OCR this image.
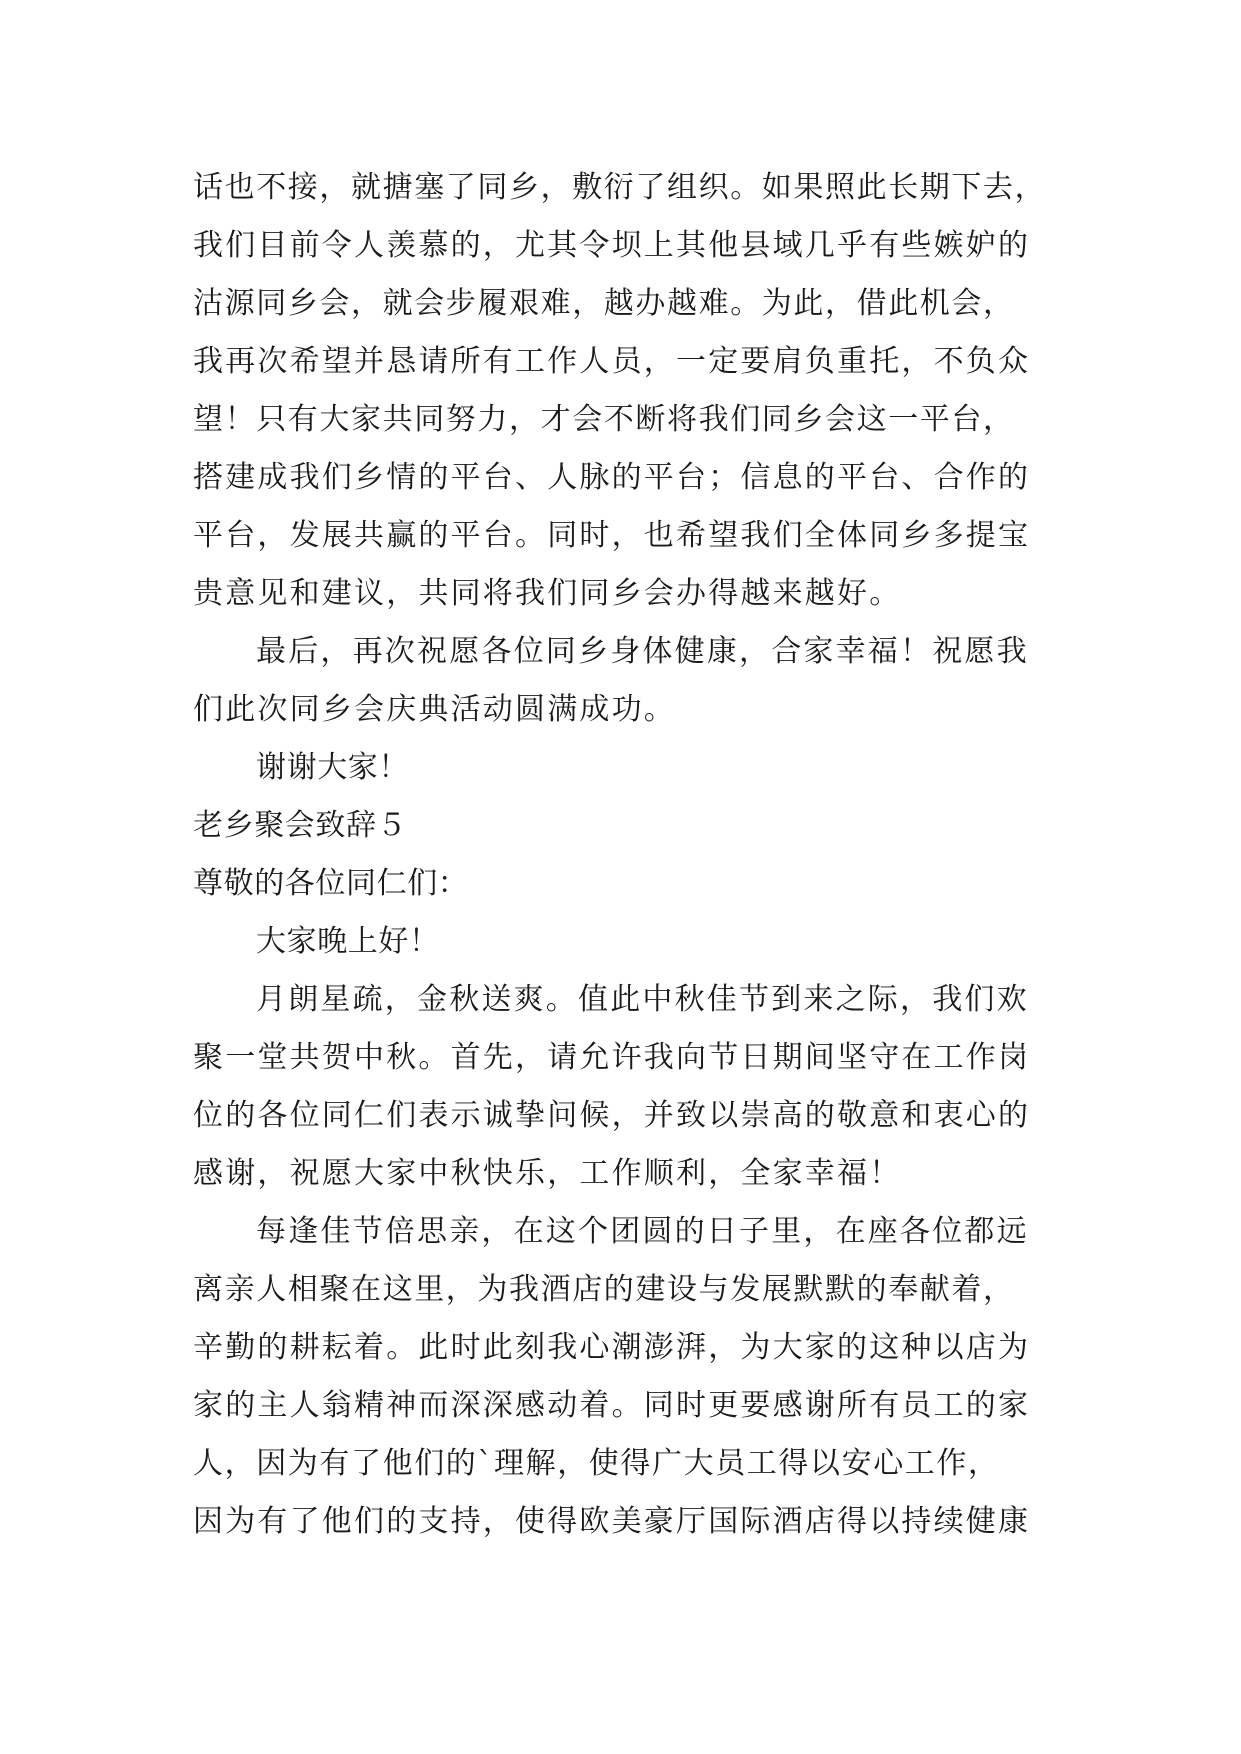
话也不接，就搪塞了同乡，敷衍了组织。如果照此长期下去，
我们目前令人羡慕的，尤其令坝上其他县域几乎有些嫉妒的
沽源同乡会，就会步履艰难，越办越难。为此，借此机会，
我再次希望并恳请所有工作人员，一定要肩负重托，不负众
望！只有大家共同努力，才会不断将我们同乡会这一平台，
搭建成我们乡情的平台、人脉的平台；信息的平台、合作的
平台，发展共赢的平台。同时，也希望我们全体同乡多提宝
贵意见和建议，共同将我们同乡会办得越来越好。
最后，再次祝愿各位同乡身体健康，合家幸福！祝愿我
们此次同乡会庆典活动圆满成功。
谢谢大家！
老乡聚会致辞５
尊敬的各位同仁们：
大家晚上好！
月朗星疏，金秋送爽。值此中秋佳节到来之际，我们欢
聚一堂共贺中秋。首先，请允许我向节日期间坚守在工作岗
位的各位同仁们表示诚挚问候，并致以崇高的敬意和衷心的
感谢，祝愿大家中秋快乐，工作顺利，全家幸福！
每逢佳节倍思亲，在这个团圆的日子里，在座各位都远
离亲人相聚在这里，为我酒店的建设与发展默默的奉献着，
辛勤的耕耘着。此时此刻我心潮澎湃，为大家的这种以店为
家的主人翁精神而深深感动着。同时更要感谢所有员工的家
人，因为有了他们的`理解，使得广大员工得以安心工作，
因为有了他们的支持，使得欧美豪厅国际酒店得以持续健康
